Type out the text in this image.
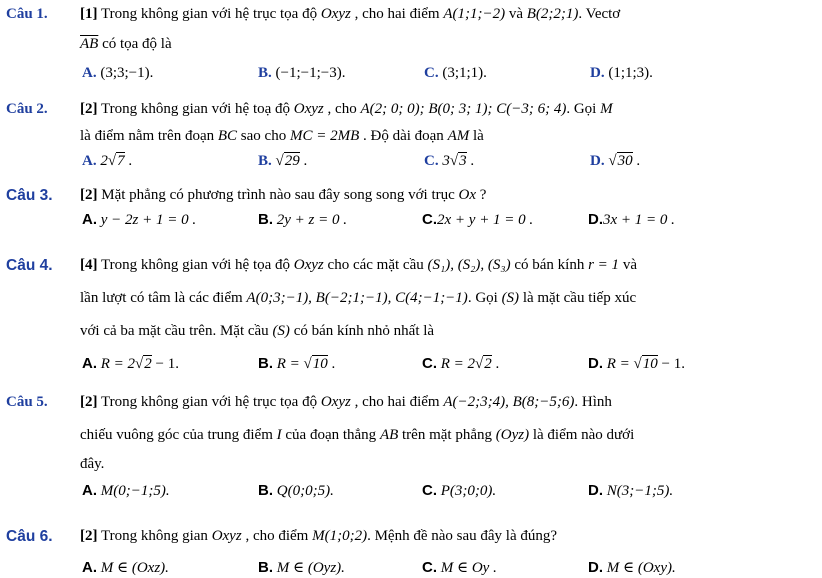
Câu 1. [1] Trong không gian với hệ trục tọa độ Oxyz , cho hai điểm A(1;1;−2) và B(2;2;1). Vectơ
$\overline{AB}$ có tọa độ là
A. (3;3;−1).	B. (−1;−1;−3).	C. (3;1;1).	D. (1;1;3).
Câu 2. [2] Trong không gian với hệ toạ độ Oxyz , cho A(2; 0; 0); B(0; 3; 1); C(−3; 6; 4). Gọi M
là điểm nằm trên đoạn BC sao cho MC = 2MB . Độ dài đoạn AM là
A. 2√7 .	B. √29 .	C. 3√3 .	D. √30 .
Câu 3. [2] Mặt phẳng có phương trình nào sau đây song song với trục Ox ?
A. y − 2z + 1 = 0 .	B. 2y + z = 0 .	C.2x + y + 1 = 0 .	D.3x + 1 = 0 .
Câu 4. [4] Trong không gian với hệ tọa độ Oxyz cho các mặt cầu (S₁), (S₂), (S₃) có bán kính r = 1 và
lần lượt có tâm là các điểm A(0;3;−1), B(−2;1;−1), C(4;−1;−1). Gọi (S) là mặt cầu tiếp xúc
với cả ba mặt cầu trên. Mặt cầu (S) có bán kính nhỏ nhất là
A. R = 2√2 − 1.	B. R = √10 .	C. R = 2√2 .	D. R = √10 − 1.
Câu 5. [2] Trong không gian với hệ trục tọa độ Oxyz , cho hai điểm A(−2;3;4), B(8;−5;6). Hình
chiếu vuông góc của trung điểm I của đoạn thẳng AB trên mặt phẳng (Oyz) là điểm nào dưới
đây.
A. M(0;−1;5).	B. Q(0;0;5).	C. P(3;0;0).	D. N(3;−1;5).
Câu 6. [2] Trong không gian Oxyz , cho điểm M(1;0;2). Mệnh đề nào sau đây là đúng?
A. M ∈ (Oxz).	B. M ∈ (Oyz).	C. M ∈ Oy .	D. M ∈ (Oxy).
